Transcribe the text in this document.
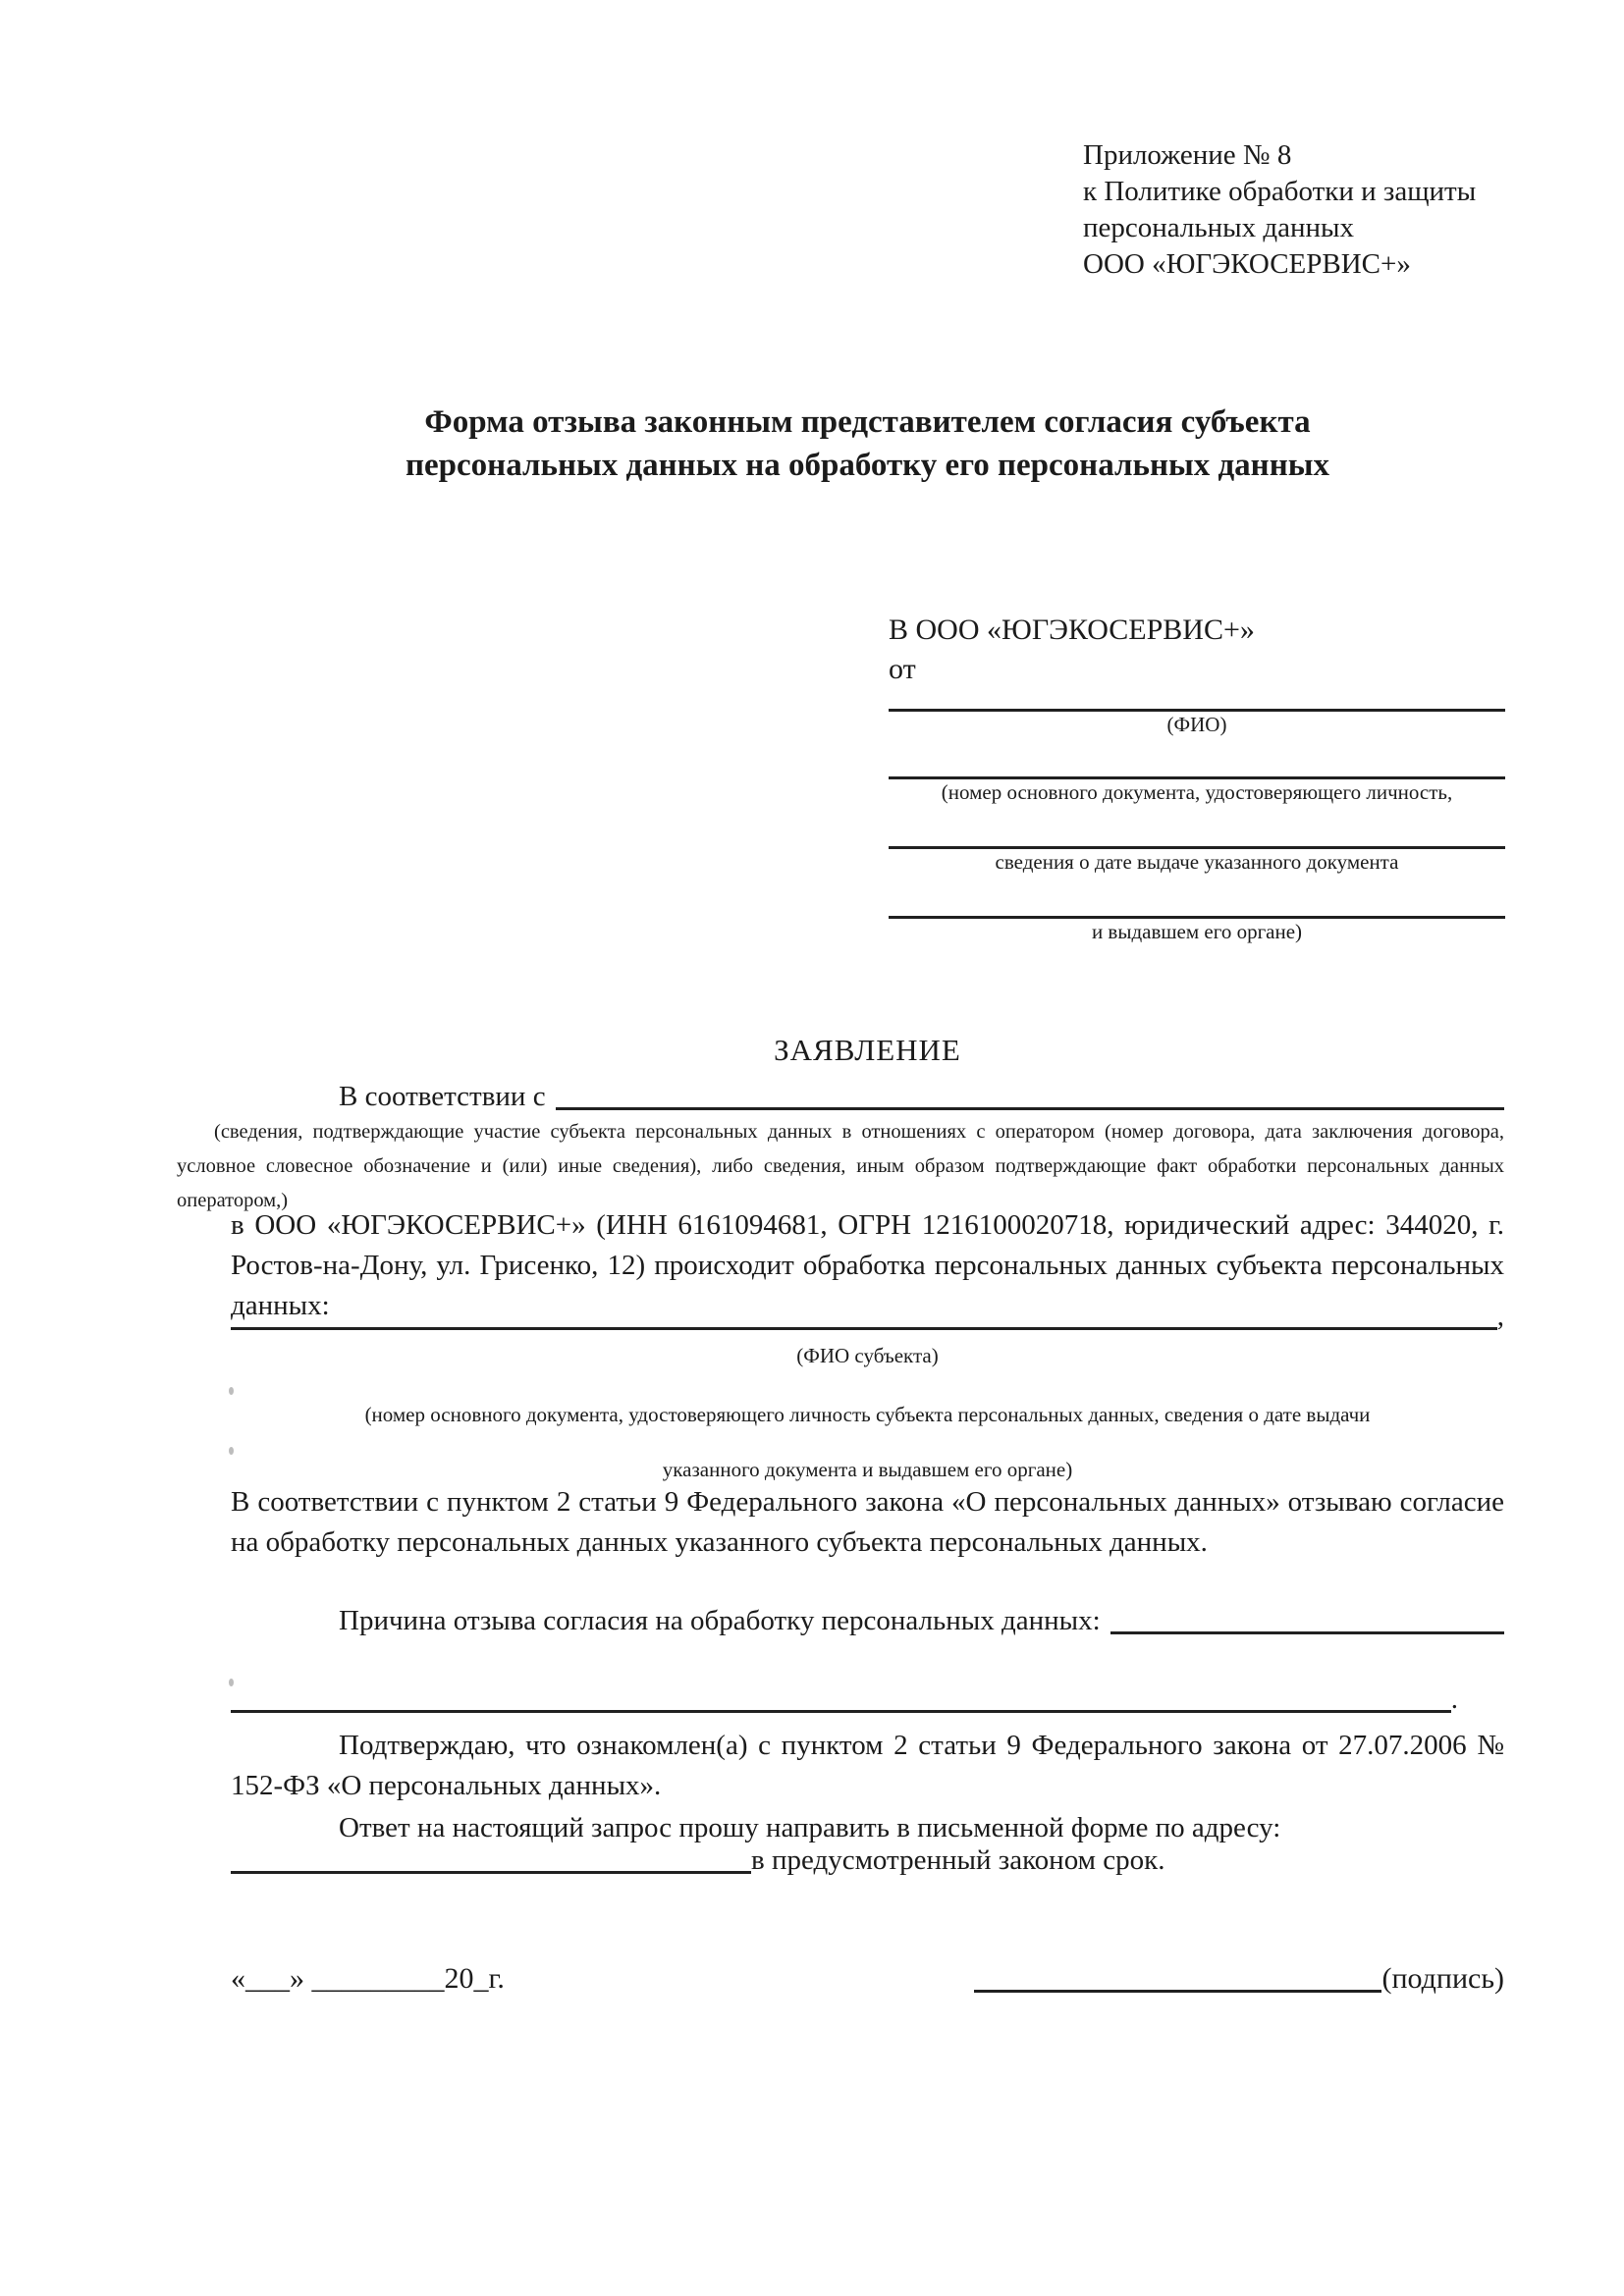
Приложение № 8
к Политике обработки и защиты
персональных данных
ООО «ЮГЭКОСЕРВИС+»
Форма отзыва законным представителем согласия субъекта
персональных данных на обработку его персональных данных
В ООО «ЮГЭКОСЕРВИС+»
от
(ФИО)
(номер основного документа, удостоверяющего личность,
сведения о дате выдаче указанного документа
и выдавшем его органе)
ЗАЯВЛЕНИЕ
В соответствии с

(сведения, подтверждающие участие субъекта персональных данных в отношениях с оператором (номер договора, дата заключения договора, условное словесное обозначение и (или) иные сведения), либо сведения, иным образом подтверждающие факт обработки персональных данных оператором,)

в ООО «ЮГЭКОСЕРВИС+» (ИНН 6161094681, ОГРН 1216100020718, юридический адрес: 344020, г. Ростов-на-Дону, ул. Грисенко, 12) происходит обработка персональных данных субъекта персональных данных:	,
(ФИО субъекта)
(номер основного документа, удостоверяющего личность субъекта персональных данных, сведения о дате выдачи
указанного документа и выдавшем его органе)

В соответствии с пунктом 2 статьи 9 Федерального закона «О персональных данных» отзываю согласие на обработку персональных данных указанного субъекта персональных данных.

Причина отзыва согласия на обработку персональных данных:
.

Подтверждаю, что ознакомлен(а) с пунктом 2 статьи 9 Федерального закона от 27.07.2006 № 152-ФЗ «О персональных данных».

Ответ на настоящий запрос прошу направить в письменной форме по адресу:

в предусмотренный законом срок.
«___» _________20_г.	(подпись)
